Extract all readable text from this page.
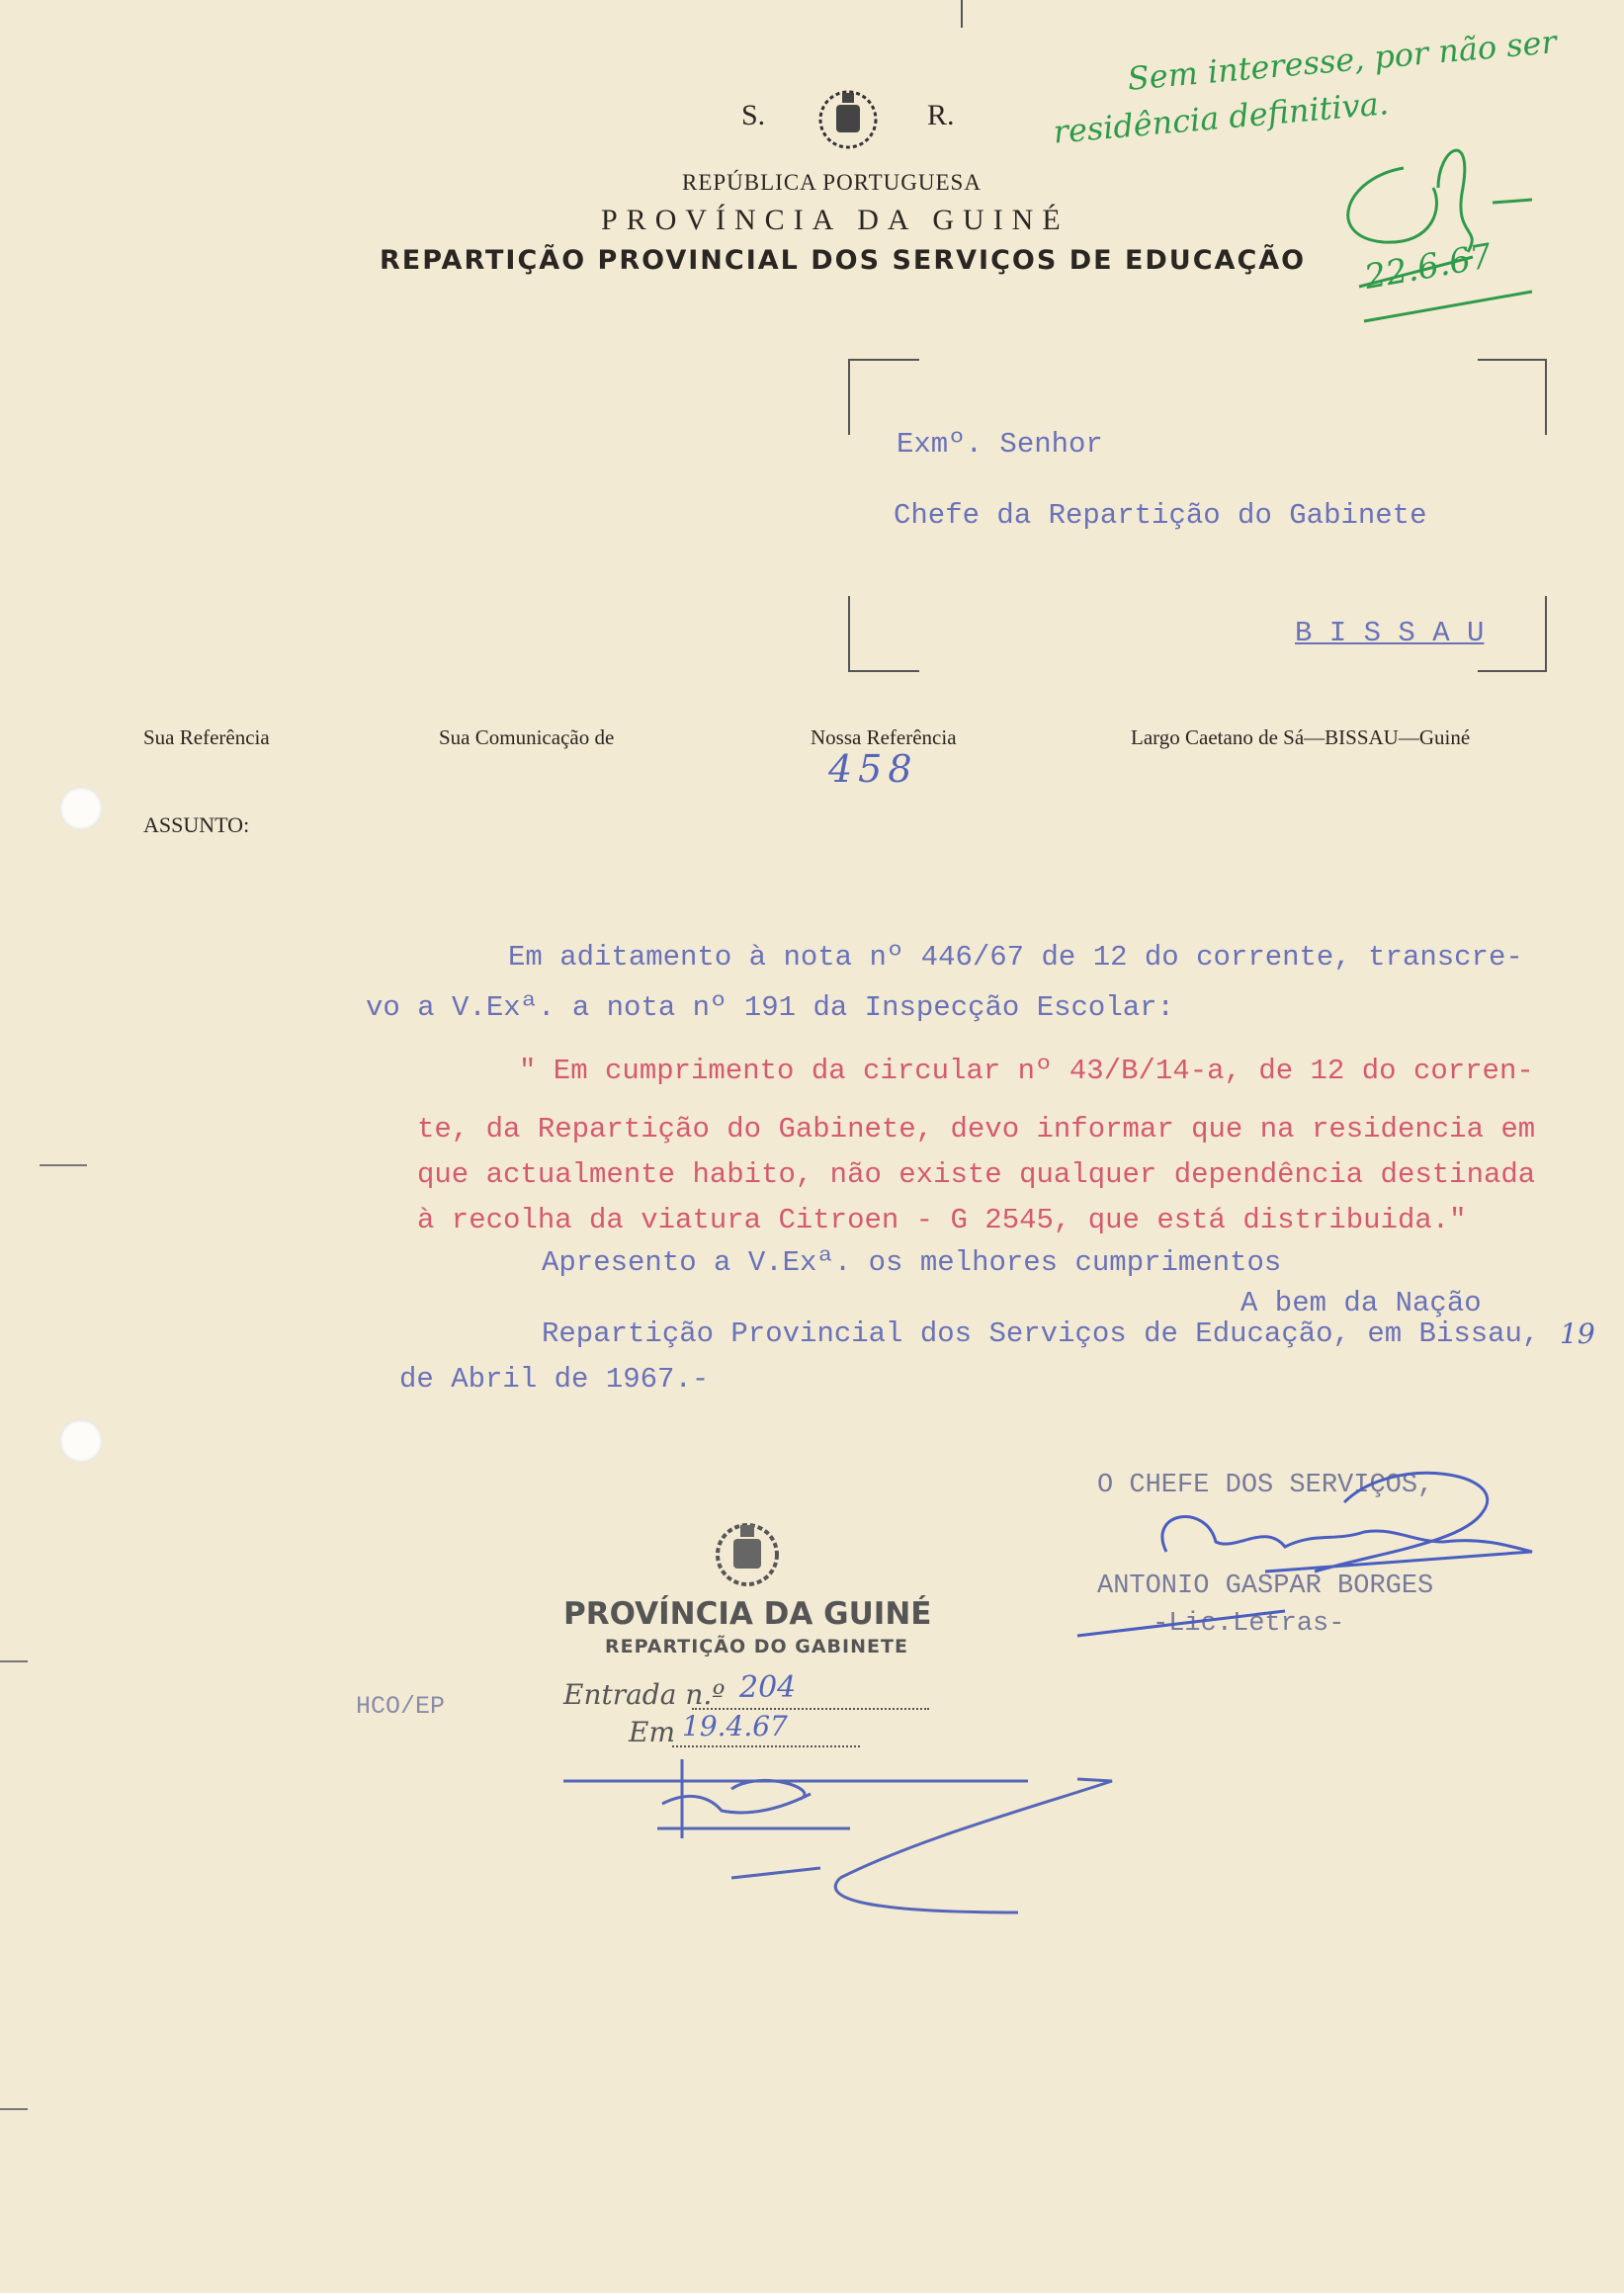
S.	R.
REPÚBLICA PORTUGUESA
PROVÍNCIA DA GUINÉ
REPARTIÇÃO PROVINCIAL DOS SERVIÇOS DE EDUCAÇÃO
Sem interesse, por não ser
residência definitiva.
22.6.67
Exmº. Senhor
Chefe da Repartição do Gabinete
B I S S A U
Sua Referência	Sua Comunicação de	Nossa Referência
458
Largo Caetano de Sá—BISSAU—Guiné
ASSUNTO:
Em aditamento à nota nº 446/67 de 12 do corrente, transcre-
vo a V.Exª. a nota nº 191 da Inspecção Escolar:
" Em cumprimento da circular nº 43/B/14-a, de 12 do corren-
te, da Repartição do Gabinete, devo informar que na residencia em
que actualmente habito, não existe qualquer dependência destinada
à recolha da viatura Citroen - G 2545, que está distribuida."
Apresento a V.Exª. os melhores cumprimentos
A bem da Nação
Repartição Provincial dos Serviços de Educação, em Bissau, 19
de Abril de 1967.-
O CHEFE DOS SERVIÇOS,
ANTONIO GASPAR BORGES
-Lic.Letras-
PROVÍNCIA DA GUINÉ
REPARTIÇÃO DO GABINETE
Entrada n.º 204
Em 19.4.67
HCO/EP
